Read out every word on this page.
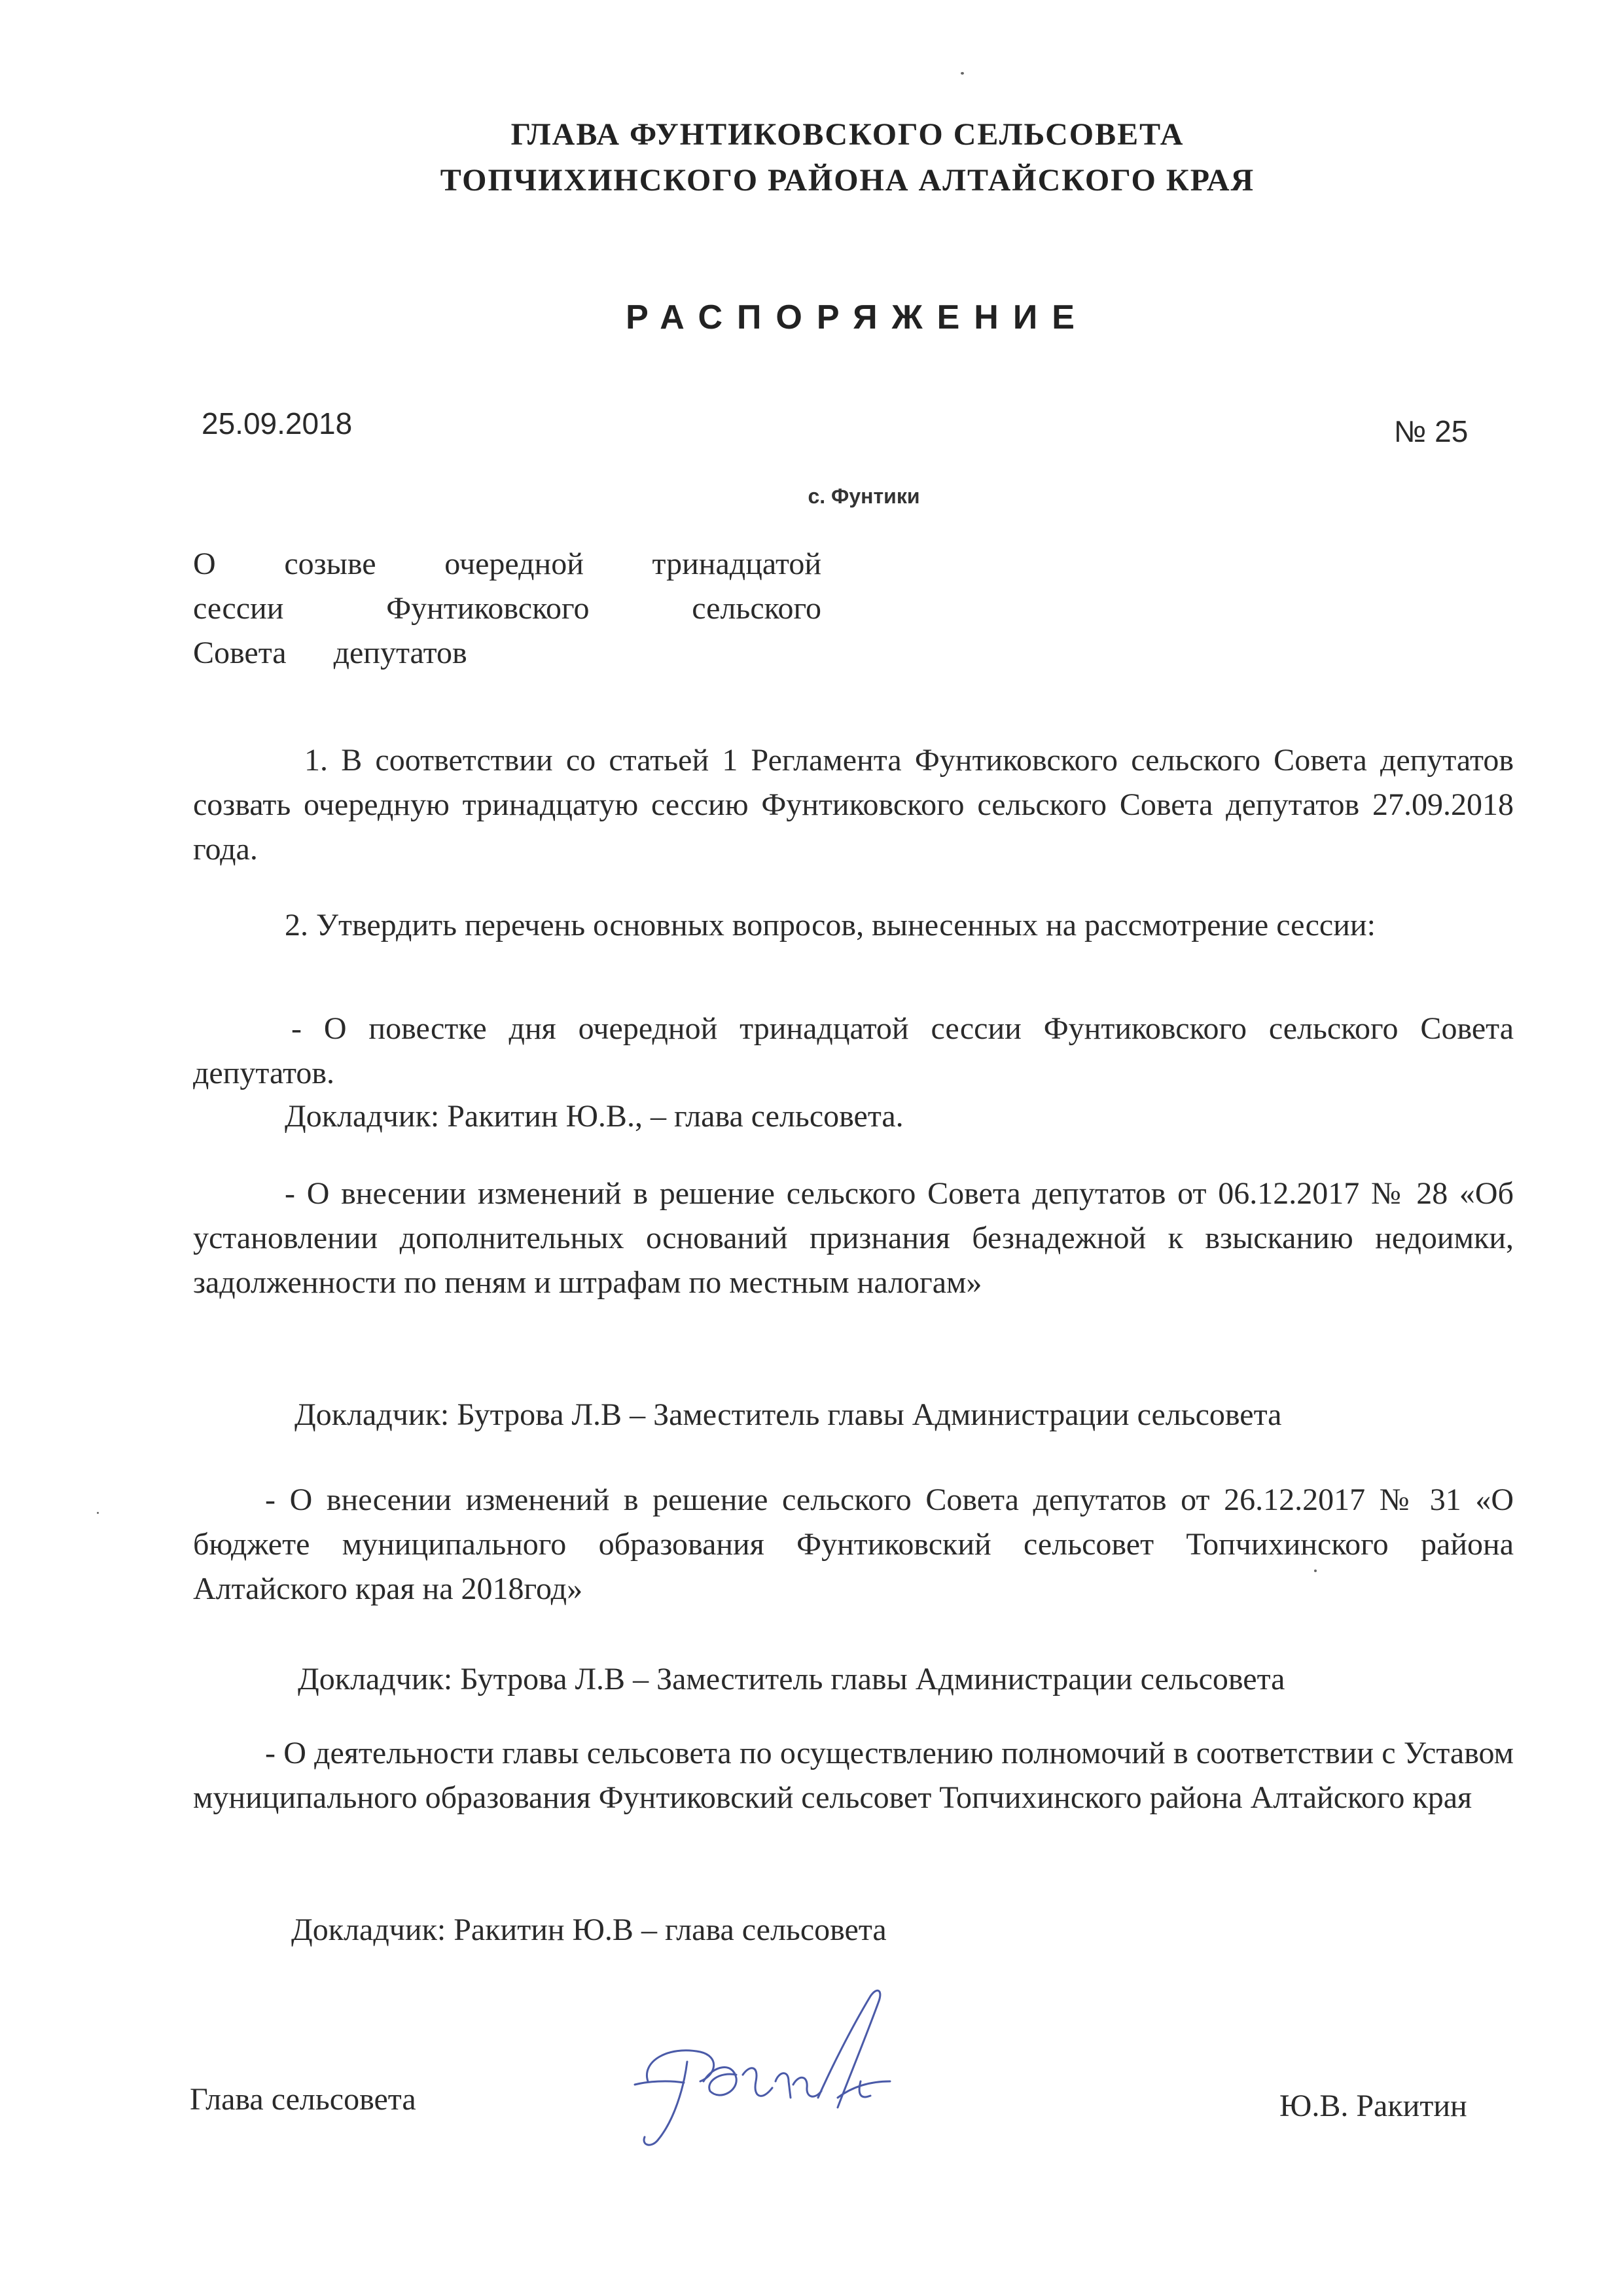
ГЛАВА ФУНТИКОВСКОГО СЕЛЬСОВЕТА
ТОПЧИХИНСКОГО РАЙОНА АЛТАЙСКОГО КРАЯ
РАСПОРЯЖЕНИЕ
25.09.2018	№ 25
с. Фунтики
О созыве очередной тринадцатой
сессии Фунтиковского сельского
Совета депутатов
1. В соответствии со статьей 1 Регламента Фунтиковского сельского Совета депутатов созвать очередную тринадцатую сессию Фунтиковского сельского Совета депутатов 27.09.2018 года.
2. Утвердить перечень основных вопросов, вынесенных на рассмотрение сессии:
- О повестке дня очередной тринадцатой сессии Фунтиковского сельского Совета депутатов.
Докладчик: Ракитин Ю.В., – глава сельсовета.
- О внесении изменений в решение сельского Совета депутатов от 06.12.2017 № 28 «Об установлении дополнительных оснований признания безнадежной к взысканию недоимки, задолженности по пеням и штрафам по местным налогам»
Докладчик: Бутрова Л.В – Заместитель главы Администрации сельсовета
- О внесении изменений в решение сельского Совета депутатов от 26.12.2017 № 31 «О бюджете муниципального образования Фунтиковский сельсовет Топчихинского района Алтайского края на 2018год»
Докладчик: Бутрова Л.В – Заместитель главы Администрации сельсовета
- О деятельности главы сельсовета по осуществлению полномочий в соответствии с Уставом муниципального образования Фунтиковский сельсовет Топчихинского района Алтайского края
Докладчик: Ракитин Ю.В – глава сельсовета
Глава сельсовета	Ю.В. Ракитин
